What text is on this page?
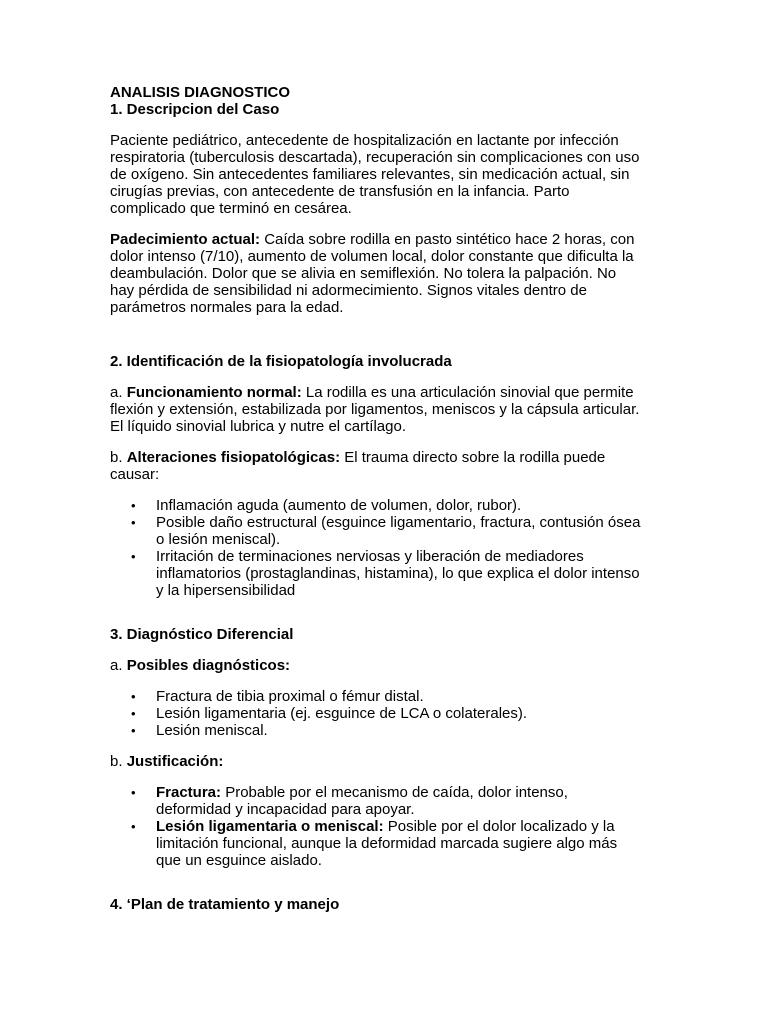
ANALISIS DIAGNOSTICO
1. Descripcion del Caso
Paciente pediátrico, antecedente de hospitalización en lactante por infección
respiratoria (tuberculosis descartada), recuperación sin complicaciones con uso
de oxígeno. Sin antecedentes familiares relevantes, sin medicación actual, sin
cirugías previas, con antecedente de transfusión en la infancia. Parto
complicado que terminó en cesárea.
Padecimiento actual: Caída sobre rodilla en pasto sintético hace 2 horas, con
dolor intenso (7/10), aumento de volumen local, dolor constante que dificulta la
deambulación. Dolor que se alivia en semiflexión. No tolera la palpación. No
hay pérdida de sensibilidad ni adormecimiento. Signos vitales dentro de
parámetros normales para la edad.
2. Identificación de la fisiopatología involucrada
a. Funcionamiento normal: La rodilla es una articulación sinovial que permite
flexión y extensión, estabilizada por ligamentos, meniscos y la cápsula articular.
El líquido sinovial lubrica y nutre el cartílago.
b. Alteraciones fisiopatológicas: El trauma directo sobre la rodilla puede
causar:
• Inflamación aguda (aumento de volumen, dolor, rubor).
• Posible daño estructural (esguince ligamentario, fractura, contusión ósea
o lesión meniscal).
• Irritación de terminaciones nerviosas y liberación de mediadores
inflamatorios (prostaglandinas, histamina), lo que explica el dolor intenso
y la hipersensibilidad
3. Diagnóstico Diferencial
a. Posibles diagnósticos:
• Fractura de tibia proximal o fémur distal.
• Lesión ligamentaria (ej. esguince de LCA o colaterales).
• Lesión meniscal.
b. Justificación:
• Fractura: Probable por el mecanismo de caída, dolor intenso,
deformidad y incapacidad para apoyar.
• Lesión ligamentaria o meniscal: Posible por el dolor localizado y la
limitación funcional, aunque la deformidad marcada sugiere algo más
que un esguince aislado.
4. ‘Plan de tratamiento y manejo
